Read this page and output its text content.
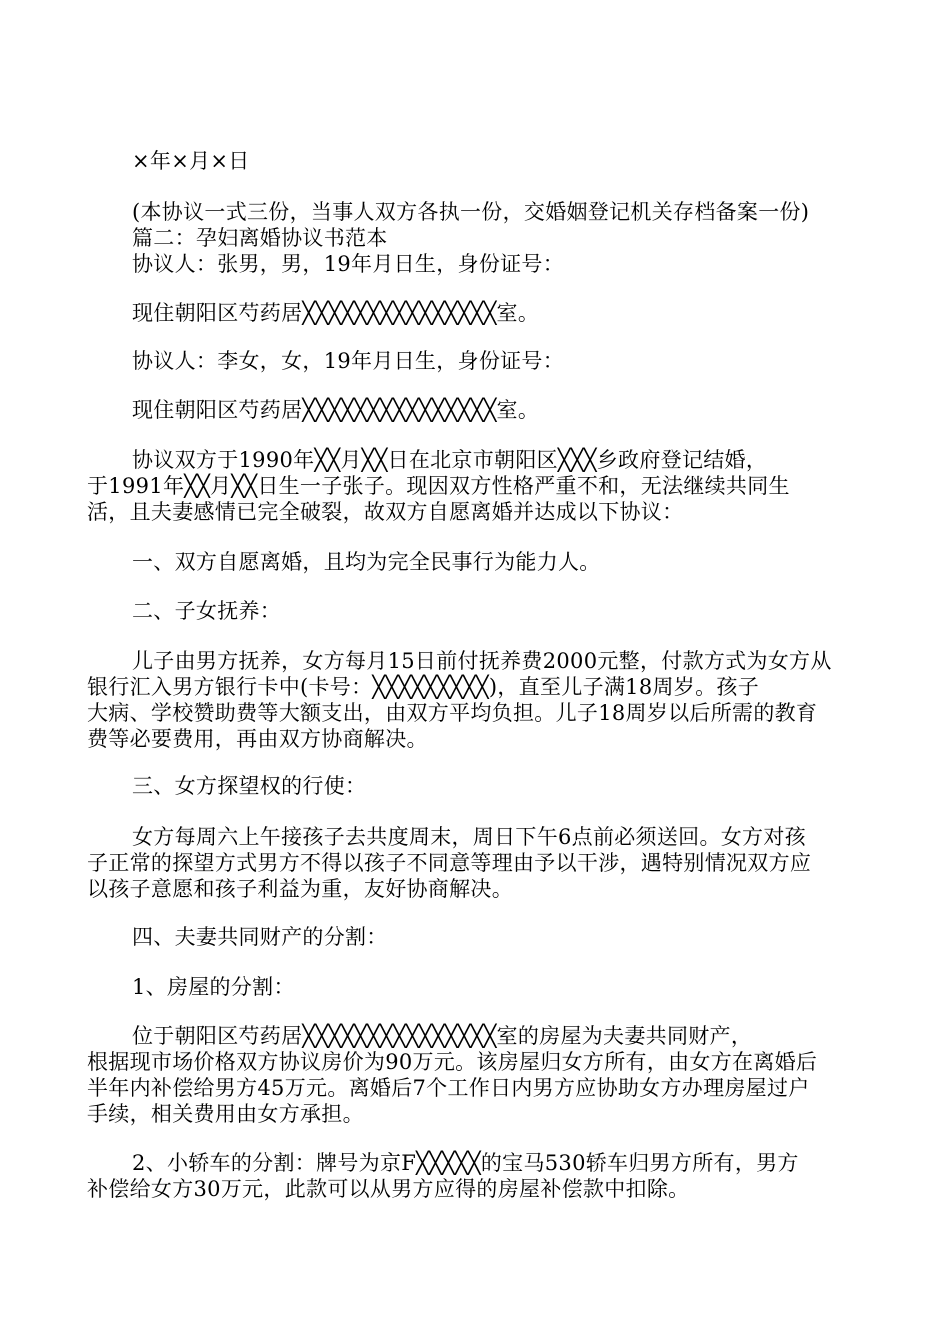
×年×月×日
(本协议一式三份，当事人双方各执一份，交婚姻登记机关存档备案一份)
篇二：孕妇离婚协议书范本
协议人：张男，男，19年月日生，身份证号：
现住朝阳区芍药居╳╳╳╳╳╳╳╳╳╳╳╳╳╳╳室。
协议人：李女，女，19年月日生，身份证号：
现住朝阳区芍药居╳╳╳╳╳╳╳╳╳╳╳╳╳╳╳室。
协议双方于1990年╳╳月╳╳日在北京市朝阳区╳╳╳乡政府登记结婚，
于1991年╳╳月╳╳日生一子张子。现因双方性格严重不和，无法继续共同生
活，且夫妻感情已完全破裂，故双方自愿离婚并达成以下协议：
一、双方自愿离婚，且均为完全民事行为能力人。
二、子女抚养：
儿子由男方抚养，女方每月15日前付抚养费2000元整，付款方式为女方从
银行汇入男方银行卡中(卡号：╳╳╳╳╳╳╳╳╳)，直至儿子满18周岁。孩子
大病、学校赞助费等大额支出，由双方平均负担。儿子18周岁以后所需的教育
费等必要费用，再由双方协商解决。
三、女方探望权的行使：
女方每周六上午接孩子去共度周末，周日下午6点前必须送回。女方对孩
子正常的探望方式男方不得以孩子不同意等理由予以干涉，遇特别情况双方应
以孩子意愿和孩子利益为重，友好协商解决。
四、夫妻共同财产的分割：
1、房屋的分割：
位于朝阳区芍药居╳╳╳╳╳╳╳╳╳╳╳╳╳╳╳室的房屋为夫妻共同财产，
根据现市场价格双方协议房价为90万元。该房屋归女方所有，由女方在离婚后
半年内补偿给男方45万元。离婚后7个工作日内男方应协助女方办理房屋过户
手续，相关费用由女方承担。
2、小轿车的分割：牌号为京F╳╳╳╳╳的宝马530轿车归男方所有，男方
补偿给女方30万元，此款可以从男方应得的房屋补偿款中扣除。
